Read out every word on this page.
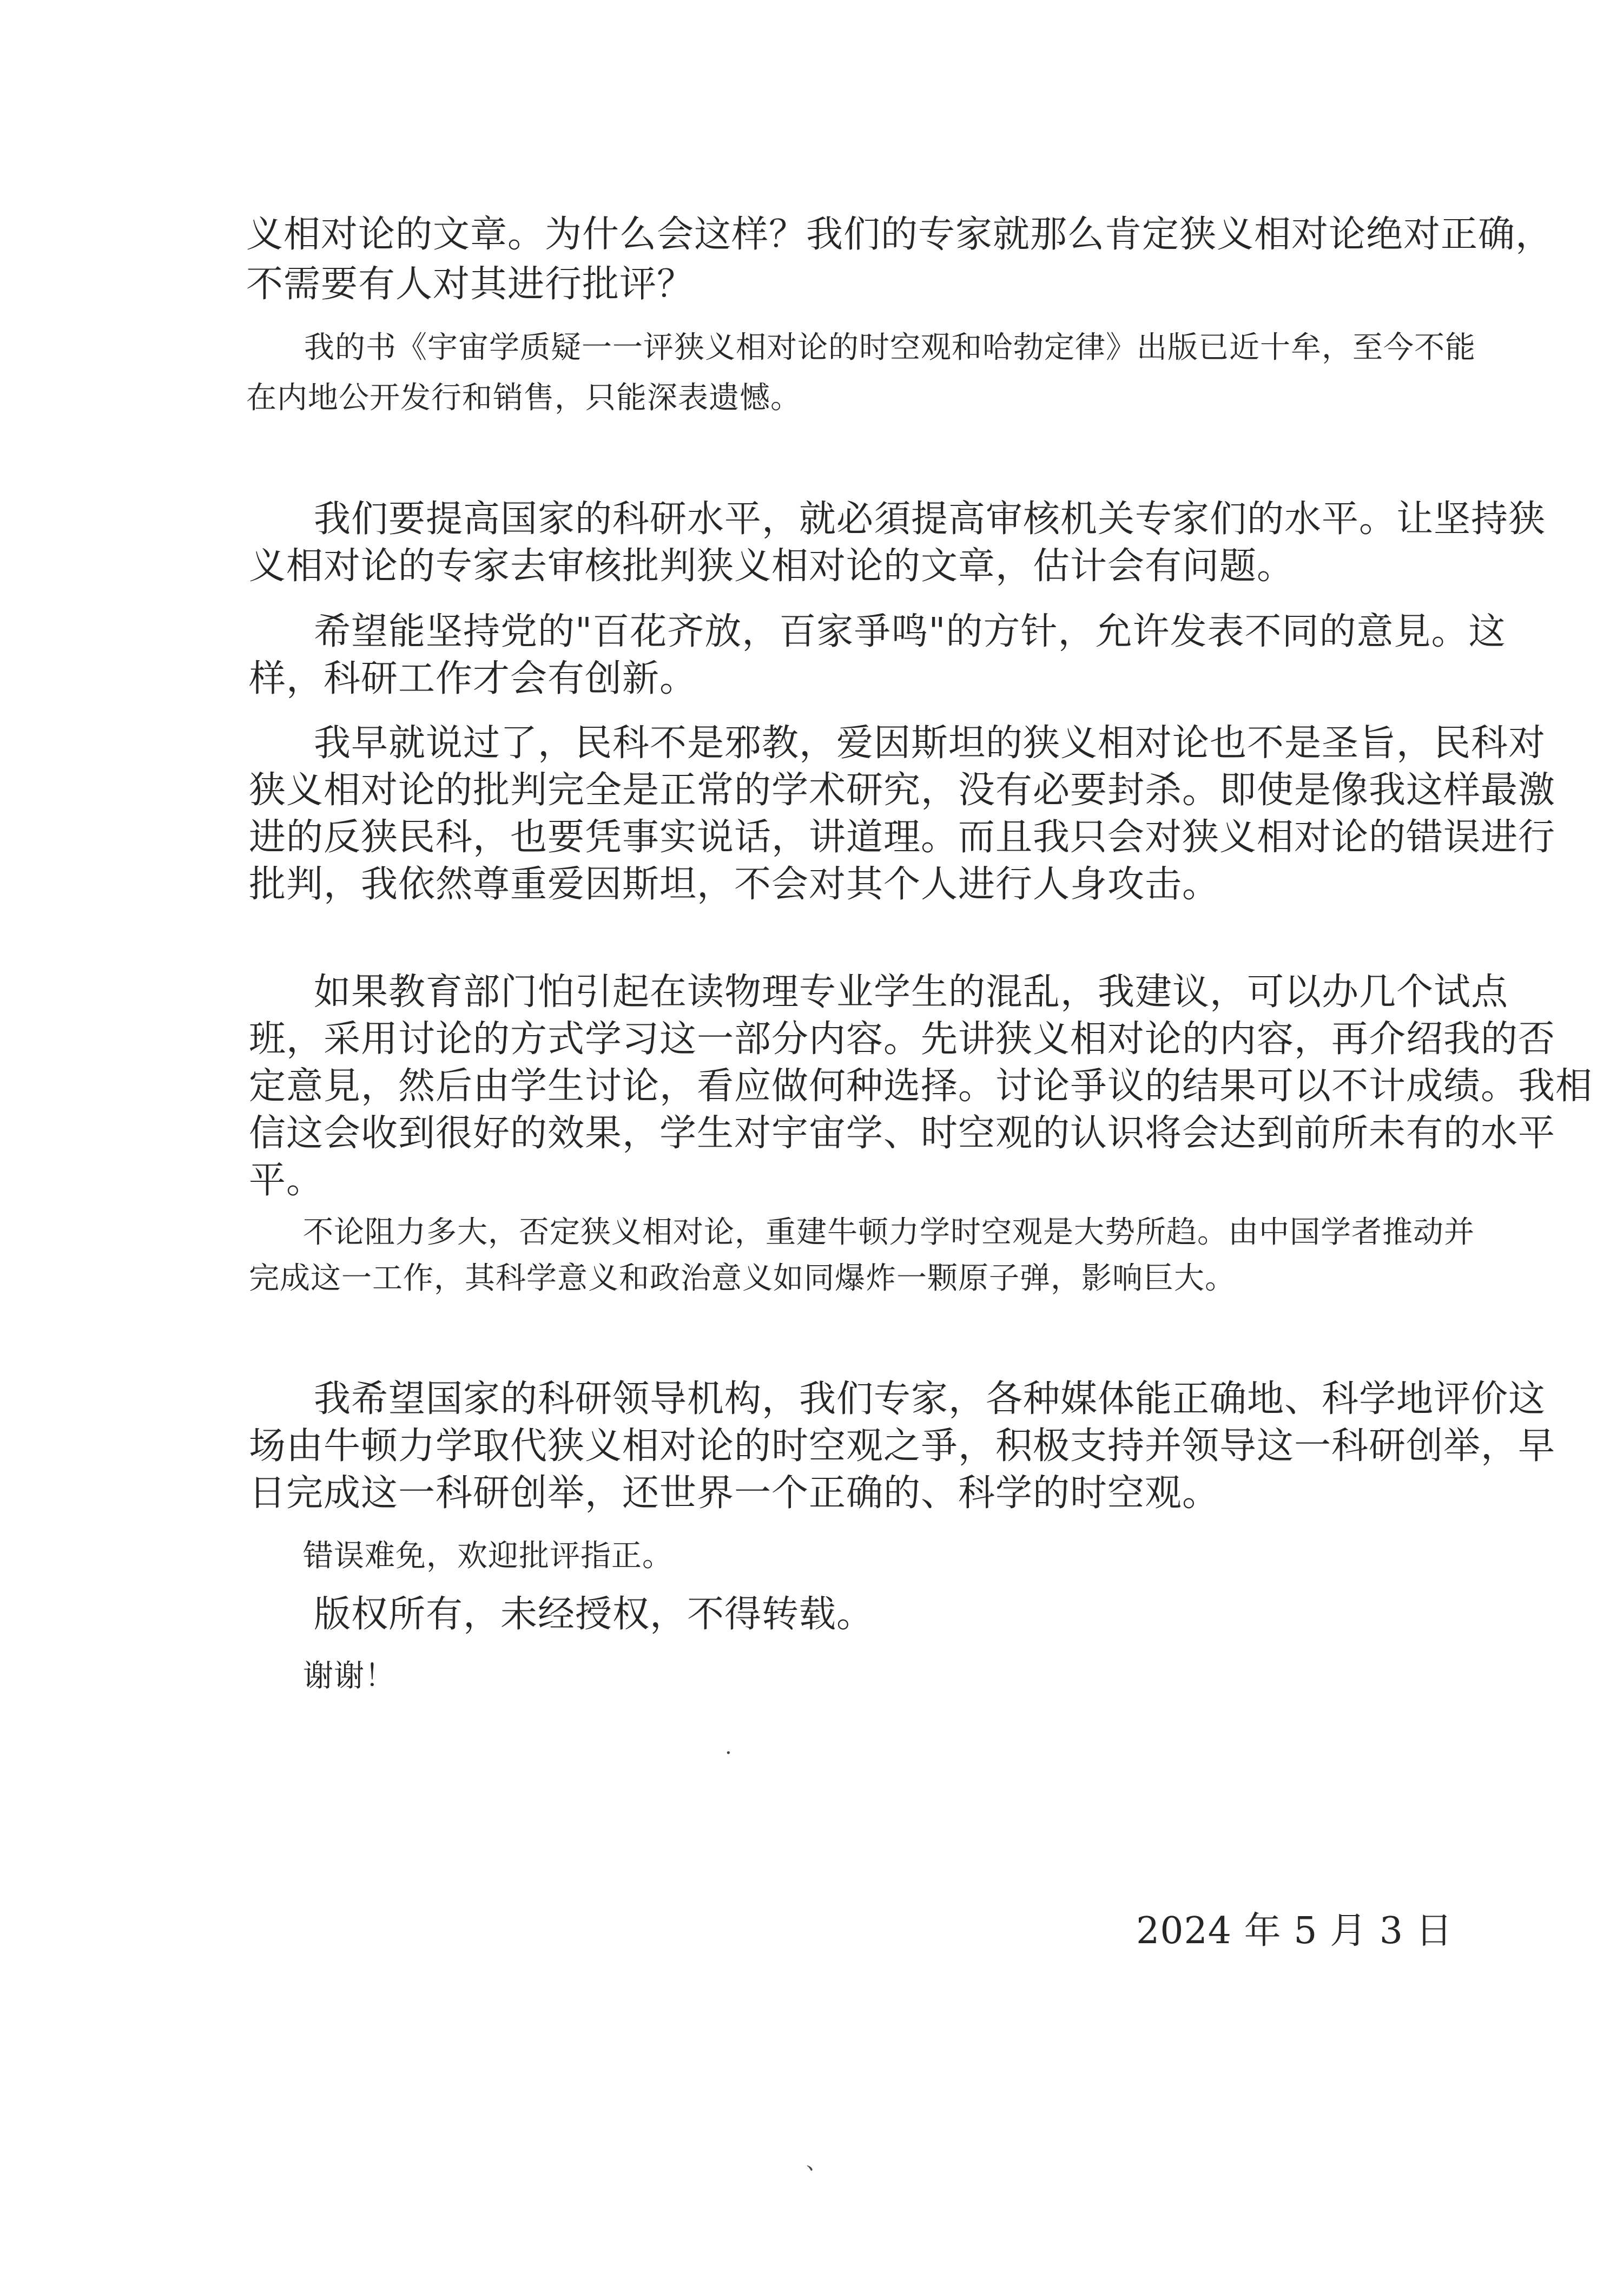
义相对论的文章。为什么会这样？我们的专家就那么肯定狭义相对论绝对正确，
不需要有人对其进行批评？
我的书《宇宙学质疑一一评狭义相对论的时空观和哈勃定律》出版已近十牟，至今不能
在内地公开发行和销售，只能深表遗憾。
我们要提高国家的科研水平，就必須提高审核机关专家们的水平。让坚持狭
义相对论的专家去审核批判狭义相对论的文章，估计会有问题。
希望能坚持党的"百花齐放，百家爭鸣"的方针，允许发表不同的意見。这
样，科研工作才会有创新。
我早就说过了，民科不是邪教，爱因斯坦的狭义相对论也不是圣旨，民科对
狭义相对论的批判完全是正常的学术研究，没有必要封杀。即使是像我这样最激
进的反狭民科，也要凭事实说话，讲道理。而且我只会对狭义相对论的错误进行
批判，我依然尊重爱因斯坦，不会对其个人进行人身攻击。
如果教育部门怕引起在读物理专业学生的混乱，我建议，可以办几个试点
班，采用讨论的方式学习这一部分内容。先讲狭义相对论的内容，再介绍我的否
定意見，然后由学生讨论，看应做何种选择。讨论爭议的结果可以不计成绩。我相
信这会收到很好的效果，学生对宇宙学、时空观的认识将会达到前所未有的水平
平。
不论阻力多大，否定狭义相对论，重建牛顿力学时空观是大势所趋。由中国学者推动并
完成这一工作，其科学意义和政治意义如同爆炸一颗原子弹，影响巨大。
我希望国家的科研领导机构，我们专家，各种媒体能正确地、科学地评价这
场由牛顿力学取代狭义相对论的时空观之爭，积极支持并领导这一科研创举，早
日完成这一科研创举，还世界一个正确的、科学的时空观。
错误难免，欢迎批评指正。
版权所有，未经授权，不得转载。
谢谢！
.
2024 年 5 月 3 日
、
